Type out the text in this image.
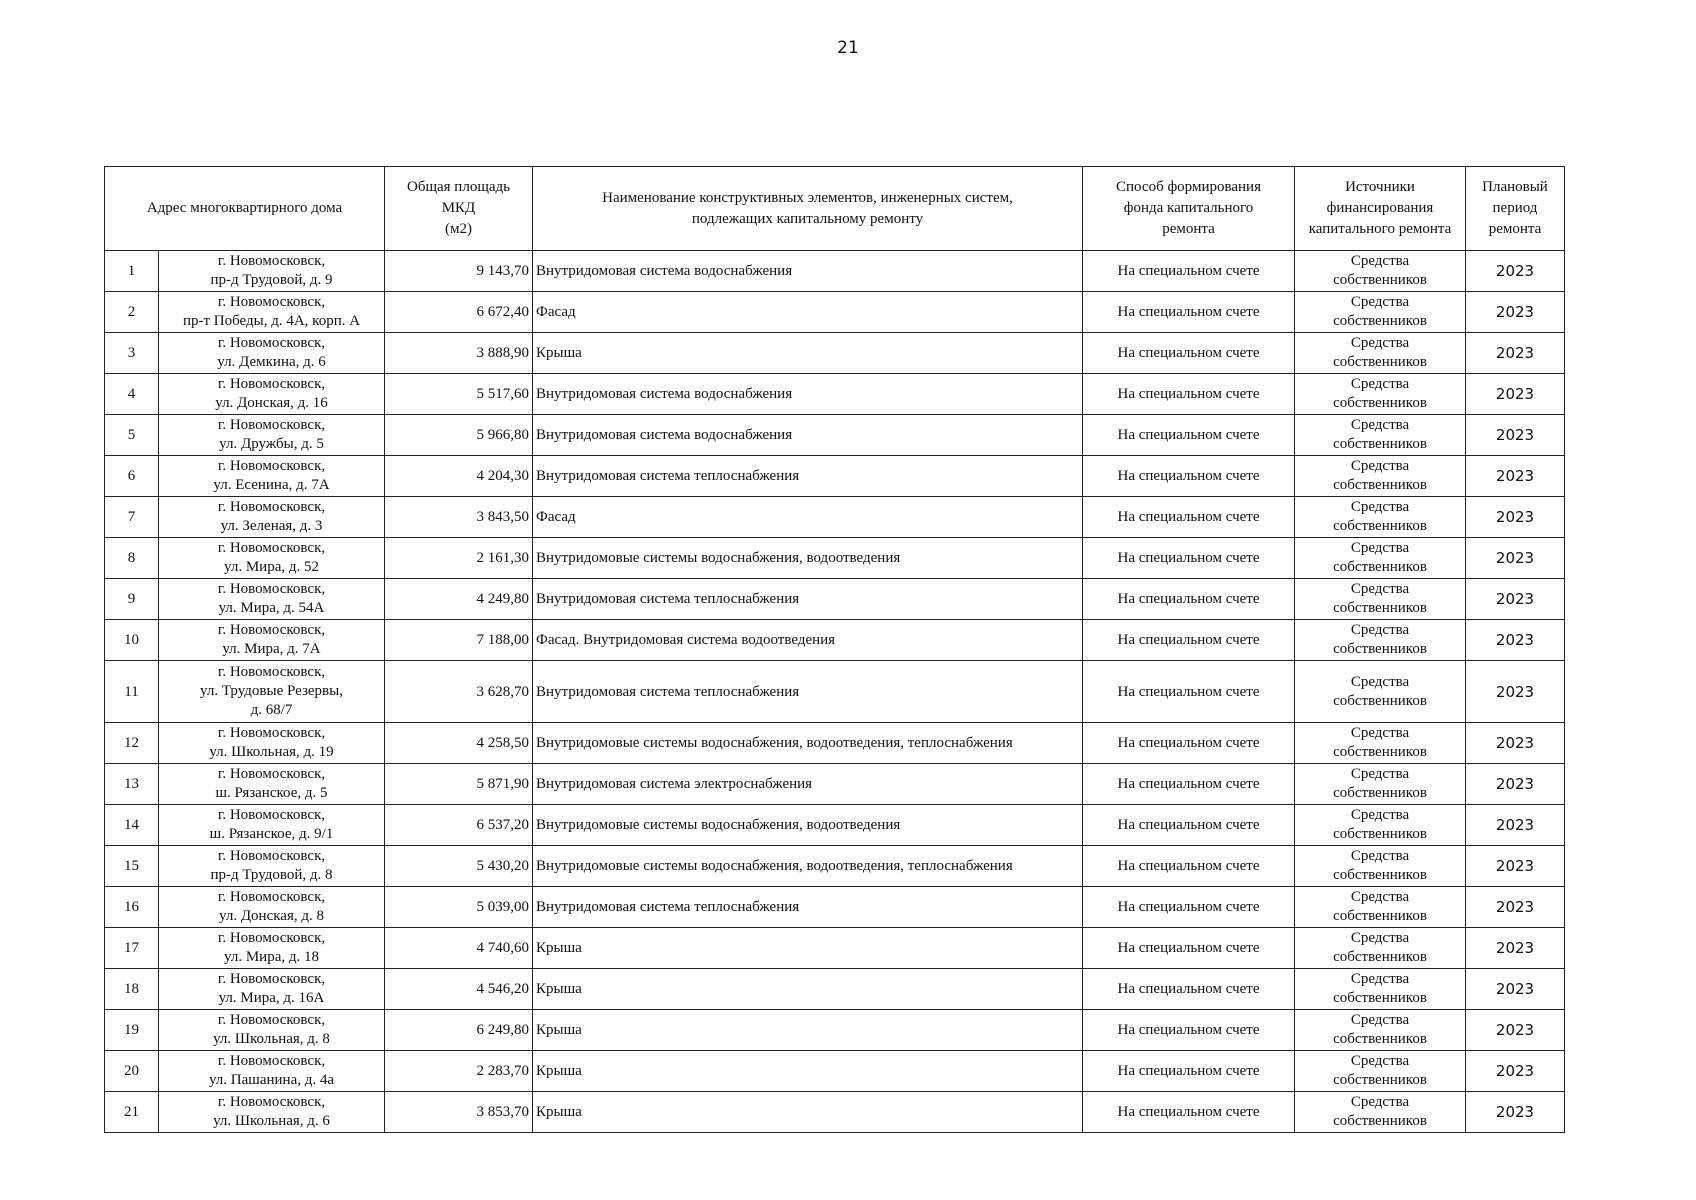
21
Адрес многоквартирного дома		Общая площадь
МКД
(м2)	Наименование конструктивных элементов, инженерных систем,
подлежащих капитальному ремонту	Способ формирования
фонда капитального
ремонта	Источники
финансирования
капитального ремонта	Плановый
период
ремонта

1	г. Новомосковск,
пр-д Трудовой, д. 9	9 143,70	Внутридомовая система водоснабжения	На специальном счете	Средства
собственников	2023
2	г. Новомосковск,
пр-т Победы, д. 4А, корп. А	6 672,40	Фасад	На специальном счете	Средства
собственников	2023
3	г. Новомосковск,
ул. Демкина, д. 6	3 888,90	Крыша	На специальном счете	Средства
собственников	2023
4	г. Новомосковск,
ул. Донская, д. 16	5 517,60	Внутридомовая система водоснабжения	На специальном счете	Средства
собственников	2023
5	г. Новомосковск,
ул. Дружбы, д. 5	5 966,80	Внутридомовая система водоснабжения	На специальном счете	Средства
собственников	2023
6	г. Новомосковск,
ул. Есенина, д. 7А	4 204,30	Внутридомовая система теплоснабжения	На специальном счете	Средства
собственников	2023
7	г. Новомосковск,
ул. Зеленая, д. 3	3 843,50	Фасад	На специальном счете	Средства
собственников	2023
8	г. Новомосковск,
ул. Мира, д. 52	2 161,30	Внутридомовые системы водоснабжения, водоотведения	На специальном счете	Средства
собственников	2023
9	г. Новомосковск,
ул. Мира, д. 54А	4 249,80	Внутридомовая система теплоснабжения	На специальном счете	Средства
собственников	2023
10	г. Новомосковск,
ул. Мира, д. 7А	7 188,00	Фасад. Внутридомовая система водоотведения	На специальном счете	Средства
собственников	2023
11	г. Новомосковск,
ул. Трудовые Резервы,
д. 68/7	3 628,70	Внутридомовая система теплоснабжения	На специальном счете	Средства
собственников	2023
12	г. Новомосковск,
ул. Школьная, д. 19	4 258,50	Внутридомовые системы водоснабжения, водоотведения, теплоснабжения	На специальном счете	Средства
собственников	2023
13	г. Новомосковск,
ш. Рязанское, д. 5	5 871,90	Внутридомовая система электроснабжения	На специальном счете	Средства
собственников	2023
14	г. Новомосковск,
ш. Рязанское, д. 9/1	6 537,20	Внутридомовые системы водоснабжения, водоотведения	На специальном счете	Средства
собственников	2023
15	г. Новомосковск,
пр-д Трудовой, д. 8	5 430,20	Внутридомовые системы водоснабжения, водоотведения, теплоснабжения	На специальном счете	Средства
собственников	2023
16	г. Новомосковск,
ул. Донская, д. 8	5 039,00	Внутридомовая система теплоснабжения	На специальном счете	Средства
собственников	2023
17	г. Новомосковск,
ул. Мира, д. 18	4 740,60	Крыша	На специальном счете	Средства
собственников	2023
18	г. Новомосковск,
ул. Мира, д. 16А	4 546,20	Крыша	На специальном счете	Средства
собственников	2023
19	г. Новомосковск,
ул. Школьная, д. 8	6 249,80	Крыша	На специальном счете	Средства
собственников	2023
20	г. Новомосковск,
ул. Пашанина, д. 4а	2 283,70	Крыша	На специальном счете	Средства
собственников	2023
21	г. Новомосковск,
ул. Школьная, д. 6	3 853,70	Крыша	На специальном счете	Средства
собственников	2023
